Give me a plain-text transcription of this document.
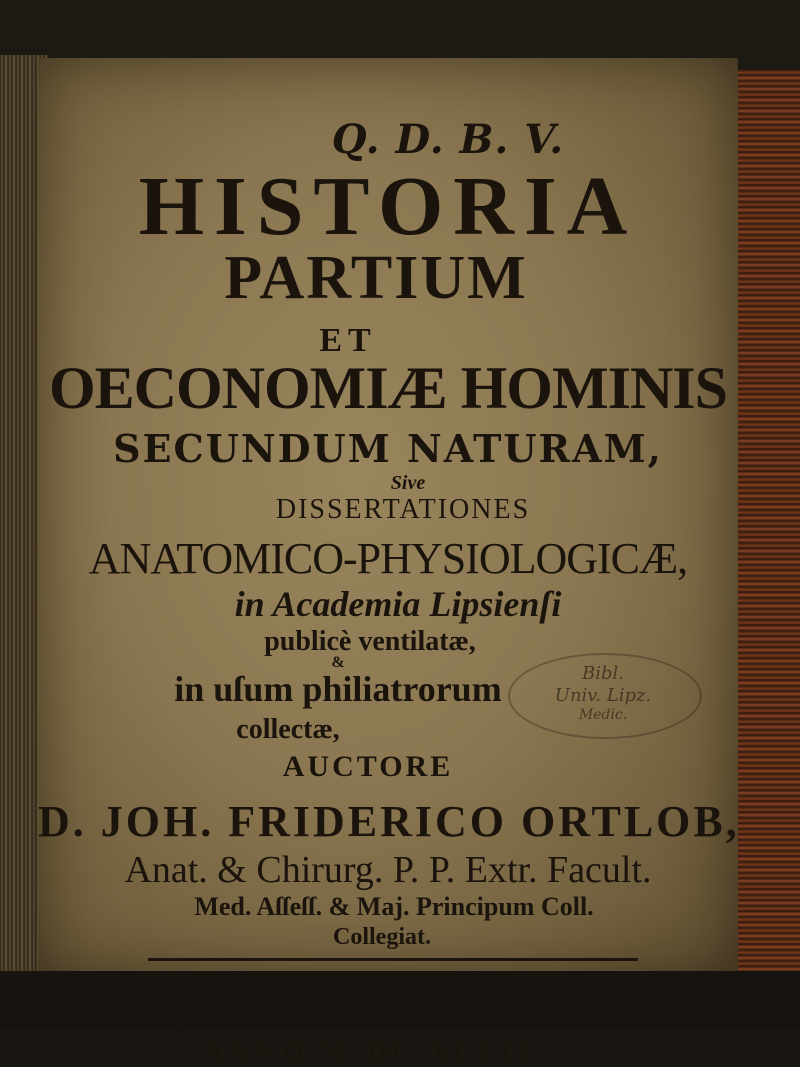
Q. D. B. V.
HISTORIA
PARTIUM
ET
OECONOMIÆ HOMINIS
SECUNDUM NATURAM,
Sive
DISSERTATIONES
ANATOMICO-PHYSIOLOGICÆ,
in Academia Lipsienſi
publicè ventilatæ,
&
in uſum philiatrorum
collectæ,
AUCTORE
D. JOH. FRIDERICO ORTLOB,
Anat. & Chirurg. P. P. Extr. Facult.
Med. Aſſeſſ. & Maj. Principum Coll.
Collegiat.
ANNO M DC XCVII.
Bibl.
Univ. Lipz.
Medic.
